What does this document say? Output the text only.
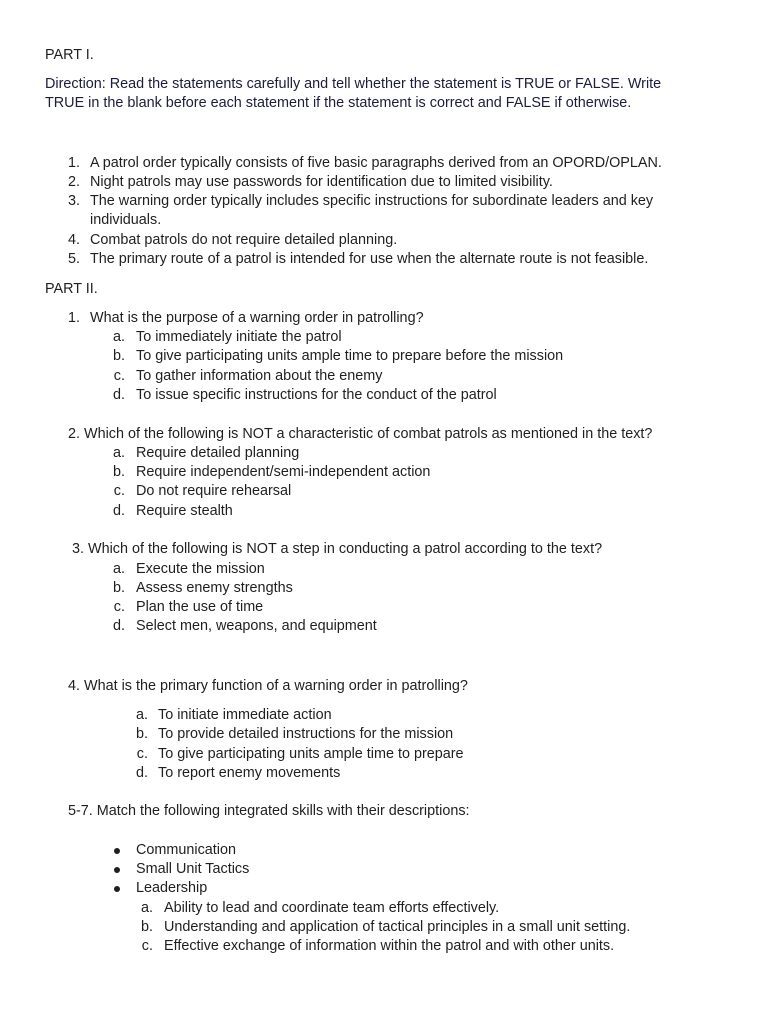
PART I.
Direction: Read the statements carefully and tell whether the statement is TRUE or FALSE. Write
TRUE in the blank before each statement if the statement is correct and FALSE if otherwise.
1. A patrol order typically consists of five basic paragraphs derived from an OPORD/OPLAN.
2. Night patrols may use passwords for identification due to limited visibility.
3. The warning order typically includes specific instructions for subordinate leaders and key
individuals.
4. Combat patrols do not require detailed planning.
5. The primary route of a patrol is intended for use when the alternate route is not feasible.
PART II.
1. What is the purpose of a warning order in patrolling?
a. To immediately initiate the patrol
b. To give participating units ample time to prepare before the mission
c. To gather information about the enemy
d. To issue specific instructions for the conduct of the patrol
2. Which of the following is NOT a characteristic of combat patrols as mentioned in the text?
a. Require detailed planning
b. Require independent/semi-independent action
c. Do not require rehearsal
d. Require stealth
3. Which of the following is NOT a step in conducting a patrol according to the text?
a. Execute the mission
b. Assess enemy strengths
c. Plan the use of time
d. Select men, weapons, and equipment
4. What is the primary function of a warning order in patrolling?
a. To initiate immediate action
b. To provide detailed instructions for the mission
c. To give participating units ample time to prepare
d. To report enemy movements
5-7. Match the following integrated skills with their descriptions:
Communication
Small Unit Tactics
Leadership
a. Ability to lead and coordinate team efforts effectively.
b. Understanding and application of tactical principles in a small unit setting.
c. Effective exchange of information within the patrol and with other units.
